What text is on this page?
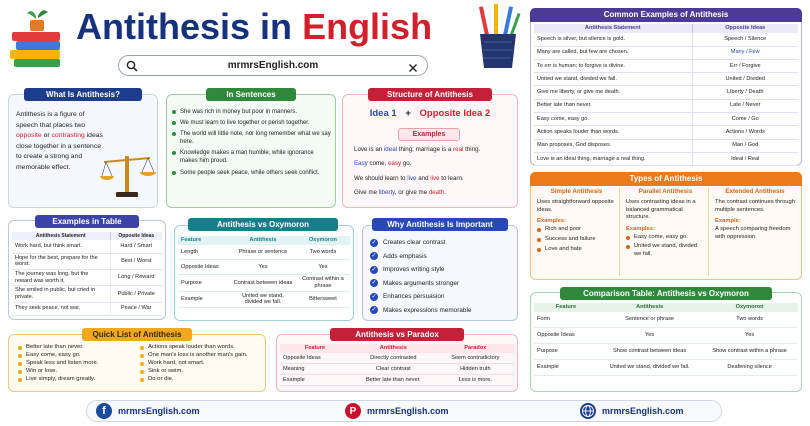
Antithesis in English
mrmrsEnglish.com
What Is Antithesis?
Antithesis is a figure of speech that places two opposite or contrasting ideas close together in a sentence to create a strong and memorable effect.
In Sentences
She was rich in money but poor in manners.
We must learn to live together or perish together.
The world will little note, nor long remember what we say here.
Knowledge makes a man humble, while ignorance makes him proud.
Some people seek peace, while others seek conflict.
Structure of Antithesis
Idea 1 + Opposite Idea 2
Examples
Love is an ideal thing; marriage is a real thing.
Easy come, easy go.
We should learn to live and live to learn.
Give me liberty, or give me death.
Common Examples of Antithesis
Antithesis Statement	Opposite Ideas
Speech is silver, but silence is gold.	Speech / Silence
Many are called, but few are chosen.	Many / Few
To err is human; to forgive is divine.	Err / Forgive
United we stand, divided we fall.	United / Divided
Give me liberty, or give me death.	Liberty / Death
Better late than never.	Late / Never
Easy come, easy go.	Come / Go
Action speaks louder than words.	Actions / Words
Man proposes, God disposes.	Man / God
Love is an ideal thing, marriage a real thing.	Ideal / Real
Examples in Table
Antithesis Statement	Opposite Ideas
Work hard, but think smart.	Hard / Smart
Hope for the best, prepare for the worst.	Best / Worst
The journey was long, but the reward was worth it.	Long / Reward
She smiled in public, but cried in private.	Public / Private
They seek peace, not war.	Peace / War
Antithesis vs Oxymoron
Feature	Antithesis	Oxymoron
Length	Phrase or sentence	Two words
Opposite Ideas	Yes	Yes
Purpose	Contrast between ideas	Contrast within a phrase
Example	United we stand, divided we fall.	Bittersweet
Why Antithesis Is Important
✓ Creates clear contrast
✓ Adds emphasis
✓ Improves writing style
✓ Makes arguments stronger
✓ Enhances persuasion
✓ Makes expressions memorable
Types of Antithesis
Simple Antithesis
Uses straightforward opposite ideas.
Examples:
Rich and poor
Success and failure
Love and hate
Parallel Antithesis
Uses contrasting ideas in a balanced grammatical structure.
Examples:
Easy come, easy go.
United we stand, divided we fall.
Extended Antithesis
The contrast continues through multiple sentences.
Example:
A speech comparing freedom with oppression.
Comparison Table: Antithesis vs Oxymoron
Feature	Antithesis	Oxymoron
Form	Sentence or phrase	Two words
Opposite Ideas	Yes	Yes
Purpose	Show contrast between ideas	Show contrast within a phrase
Example	United we stand, divided we fall.	Deafening silence
Quick List of Antithesis
Better late than never.
Easy come, easy go.
Speak less and listen more.
Win or lose.
Live simply, dream greatly.
Actions speak louder than words.
One man's loss is another man's gain.
Work hard, not smart.
Sink or swim.
Do or die.
Antithesis vs Paradox
Feature	Antithesis	Paradox
Opposite Ideas	Directly contrasted	Seem contradictory
Meaning	Clear contrast	Hidden truth
Example	Better late than never.	Less is more.
f	mrmrsEnglish.com	P	mrmrsEnglish.com	mrmrsEnglish.com
